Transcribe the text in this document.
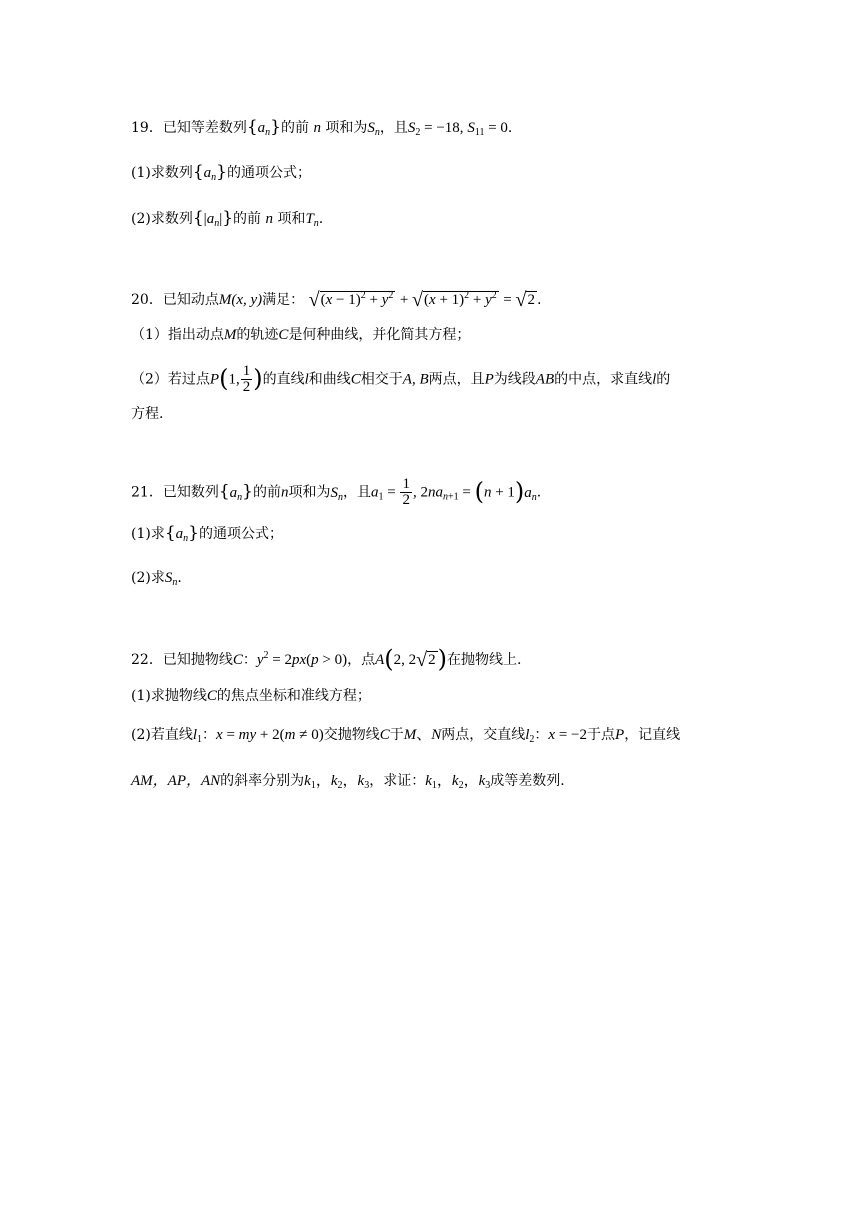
19．已知等差数列$\{a_n\}$的前 n 项和为$S_n$，且$S_2 = -18$, $S_{11} = 0$.
(1)求数列$\{a_n\}$的通项公式；
(2)求数列$\{|a_n|\}$的前 n 项和$T_n$.
20．已知动点M(x, y)满足： $√(x - 1)^2 + y^2 + √(x + 1)^2 + y^2 = √2$ .
（1）指出动点M的轨迹C是何种曲线，并化简其方程；
（2）若过点P(1, $\frac{1}{2}$ )的直线l和曲线C相交于A, B两点，且P为线段AB的中点，求直线l的
方程.
21．已知数列$\{a_n\}$的前n项和为$S_n$，且$a_1 = \frac{1}{2}$ , $2na_{n+1} = (n + 1)a_n$.
(1)求$\{a_n\}$的通项公式；
(2)求$S_n$.
22．已知抛物线C：$y^2 = 2px(p > 0)$，点A(2, 2√2)在抛物线上.
(1)求抛物线C的焦点坐标和准线方程；
(2)若直线$l_1$：x = my + 2(m ≠ 0)交抛物线C于M、N两点，交直线$l_2$：x = −2于点P，记直线
AM，AP，AN的斜率分别为$k_1$，$k_2$，$k_3$，求证：$k_1$，$k_2$，$k_3$成等差数列.
